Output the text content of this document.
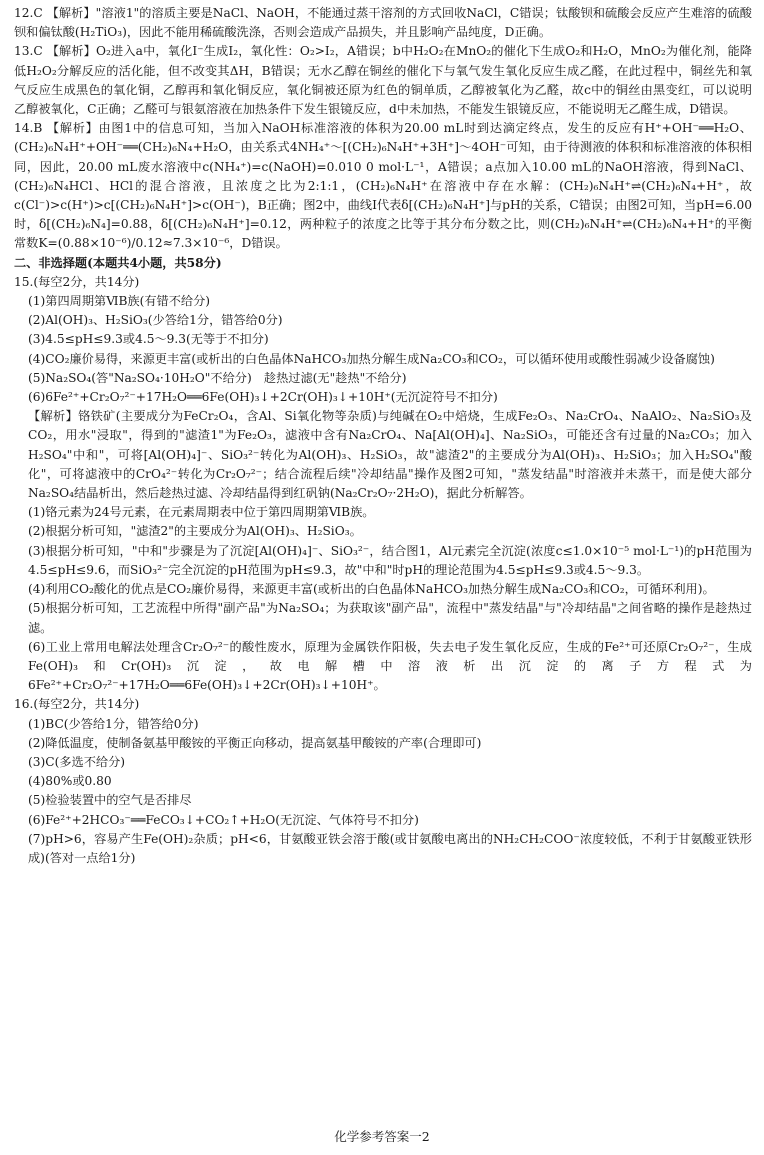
12.C 【解析】"溶液1"的溶质主要是NaCl、NaOH，不能通过蒸干溶剂的方式回收NaCl，C错误；钛酸钡和硫酸会反应产生难溶的硫酸钡和偏钛酸(H₂TiO₃)，因此不能用稀硫酸洗涤，否则会造成产品损失，并且影响产品纯度，D正确。

13.C 【解析】O₂进入a中，氧化I⁻生成I₂，氧化性：O₂>I₂，A错误；b中H₂O₂在MnO₂的催化下生成O₂和H₂O，MnO₂为催化剂，能降低H₂O₂分解反应的活化能，但不改变其ΔH，B错误；无水乙醇在铜丝的催化下与氧气发生氧化反应生成乙醛，在此过程中，铜丝先和氧气反应生成黑色的氧化铜，乙醇再和氧化铜反应，氧化铜被还原为红色的铜单质，乙醇被氧化为乙醛，故c中的铜丝由黑变红，可以说明乙醇被氧化，C正确；乙醛可与银氨溶液在加热条件下发生银镜反应，d中未加热，不能发生银镜反应，不能说明无乙醛生成，D错误。

14.B 【解析】由图1中的信息可知，当加入NaOH标准溶液的体积为20.00 mL时到达滴定终点，发生的反应有H⁺+OH⁻══H₂O、(CH₂)₆N₄H⁺+OH⁻══(CH₂)₆N₄+H₂O，由关系式4NH₄⁺～[(CH₂)₆N₄H⁺+3H⁺]～4OH⁻可知，由于待测液的体积和标准溶液的体积相同，因此，20.00 mL废水溶液中c(NH₄⁺)=c(NaOH)=0.010 0 mol·L⁻¹，A错误；a点加入10.00 mL的NaOH溶液，得到NaCl、(CH₂)₆N₄HCl、HCl的混合溶液，且浓度之比为2:1:1，(CH₂)₆N₄H⁺在溶液中存在水解：(CH₂)₆N₄H⁺⇌(CH₂)₆N₄+H⁺，故c(Cl⁻)>c(H⁺)>c[(CH₂)₆N₄H⁺]>c(OH⁻)，B正确；图2中，曲线Ⅰ代表δ[(CH₂)₆N₄H⁺]与pH的关系，C错误；由图2可知，当pH=6.00时，δ[(CH₂)₆N₄]=0.88，δ[(CH₂)₆N₄H⁺]=0.12，两种粒子的浓度之比等于其分布分数之比，则(CH₂)₆N₄H⁺⇌(CH₂)₆N₄+H⁺的平衡常数K=(0.88×10⁻⁶)/0.12≈7.3×10⁻⁶，D错误。

二、非选择题(本题共4小题，共58分)

15.(每空2分，共14分)

(1)第四周期第ⅥB族(有错不给分)

(2)Al(OH)₃、H₂SiO₃(少答给1分，错答给0分)

(3)4.5≤pH≤9.3或4.5～9.3(无等于不扣分)

(4)CO₂廉价易得，来源更丰富(或析出的白色晶体NaHCO₃加热分解生成Na₂CO₃和CO₂，可以循环使用或酸性弱减少设备腐蚀)

(5)Na₂SO₄(答"Na₂SO₄·10H₂O"不给分)　趁热过滤(无"趁热"不给分)

(6)6Fe²⁺+Cr₂O₇²⁻+17H₂O══6Fe(OH)₃↓+2Cr(OH)₃↓+10H⁺(无沉淀符号不扣分)

【解析】铬铁矿(主要成分为FeCr₂O₄，含Al、Si氧化物等杂质)与纯碱在O₂中焙烧，生成Fe₂O₃、Na₂CrO₄、NaAlO₂、Na₂SiO₃及CO₂，用水"浸取"，得到的"滤渣1"为Fe₂O₃，滤液中含有Na₂CrO₄、Na[Al(OH)₄]、Na₂SiO₃，可能还含有过量的Na₂CO₃；加入H₂SO₄"中和"，可将[Al(OH)₄]⁻、SiO₃²⁻转化为Al(OH)₃、H₂SiO₃，故"滤渣2"的主要成分为Al(OH)₃、H₂SiO₃；加入H₂SO₄"酸化"，可将滤液中的CrO₄²⁻转化为Cr₂O₇²⁻；结合流程后续"冷却结晶"操作及图2可知，"蒸发结晶"时溶液并未蒸干，而是使大部分Na₂SO₄结晶析出，然后趁热过滤、冷却结晶得到红矾钠(Na₂Cr₂O₇·2H₂O)，据此分析解答。

(1)铬元素为24号元素，在元素周期表中位于第四周期第ⅥB族。

(2)根据分析可知，"滤渣2"的主要成分为Al(OH)₃、H₂SiO₃。

(3)根据分析可知，"中和"步骤是为了沉淀[Al(OH)₄]⁻、SiO₃²⁻，结合图1，Al元素完全沉淀(浓度c≤1.0×10⁻⁵ mol·L⁻¹)的pH范围为4.5≤pH≤9.6，而SiO₃²⁻完全沉淀的pH范围为pH≤9.3，故"中和"时pH的理论范围为4.5≤pH≤9.3或4.5～9.3。

(4)利用CO₂酸化的优点是CO₂廉价易得，来源更丰富(或析出的白色晶体NaHCO₃加热分解生成Na₂CO₃和CO₂，可循环利用)。

(5)根据分析可知，工艺流程中所得"副产品"为Na₂SO₄；为获取该"副产品"，流程中"蒸发结晶"与"冷却结晶"之间省略的操作是趁热过滤。

(6)工业上常用电解法处理含Cr₂O₇²⁻的酸性废水，原理为金属铁作阳极，失去电子发生氧化反应，生成的Fe²⁺可还原Cr₂O₇²⁻，生成Fe(OH)₃和Cr(OH)₃沉淀，故电解槽中溶液析出沉淀的离子方程式为6Fe²⁺+Cr₂O₇²⁻+17H₂O══6Fe(OH)₃↓+2Cr(OH)₃↓+10H⁺。

16.(每空2分，共14分)

(1)BC(少答给1分，错答给0分)

(2)降低温度，使制备氨基甲酸铵的平衡正向移动，提高氨基甲酸铵的产率(合理即可)

(3)C(多选不给分)

(4)80%或0.80

(5)检验装置中的空气是否排尽

(6)Fe²⁺+2HCO₃⁻══FeCO₃↓+CO₂↑+H₂O(无沉淀、气体符号不扣分)

(7)pH>6，容易产生Fe(OH)₂杂质；pH<6，甘氨酸亚铁会溶于酸(或甘氨酸电离出的NH₂CH₂COO⁻浓度较低，不利于甘氨酸亚铁形成)(答对一点给1分)

化学参考答案一2
